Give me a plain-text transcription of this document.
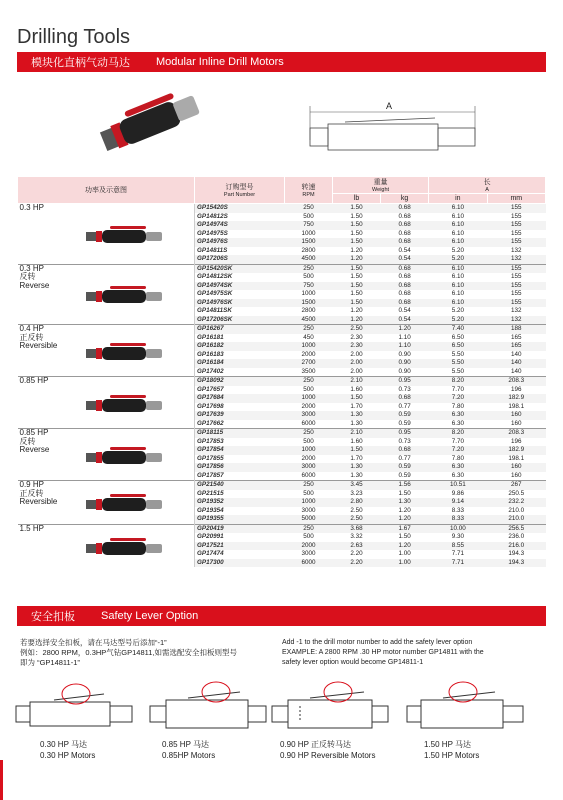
Drilling Tools
模块化直柄气动马达 Modular Inline Drill Motors
A
功率及示意图	订购型号
Part Number	转速
RPM	重量
Weight		长
A	

			lb	kg	in	mm

0.3 HP	GP15420S	250	1.50	0.68	6.10	155
	GP14812S	500	1.50	0.68	6.10	155
	GP14974S	750	1.50	0.68	6.10	155
	GP14975S	1000	1.50	0.68	6.10	155
	GP14976S	1500	1.50	0.68	6.10	155
	GP14811S	2800	1.20	0.54	5.20	132
	GP17206S	4500	1.20	0.54	5.20	132

0.3 HP
反转
Reverse	GP15420SK	250	1.50	0.68	6.10	155
	GP14812SK	500	1.50	0.68	6.10	155
	GP14974SK	750	1.50	0.68	6.10	155
	GP14975SK	1000	1.50	0.68	6.10	155
	GP14976SK	1500	1.50	0.68	6.10	155
	GP14811SK	2800	1.20	0.54	5.20	132
	GP17206SK	4500	1.20	0.54	5.20	132

0.4 HP
正反转
Reversible	GP16267	250	2.50	1.20	7.40	188
	GP16181	450	2.30	1.10	6.50	165
	GP16182	1000	2.30	1.10	6.50	165
	GP16183	2000	2.00	0.90	5.50	140
	GP16184	2700	2.00	0.90	5.50	140
	GP17402	3500	2.00	0.90	5.50	140

0.85 HP	GP18092	250	2.10	0.95	8.20	208.3
	GP17657	500	1.60	0.73	7.70	196
	GP17684	1000	1.50	0.68	7.20	182.9
	GP17698	2000	1.70	0.77	7.80	198.1
	GP17639	3000	1.30	0.59	6.30	160
	GP17662	6000	1.30	0.59	6.30	160

0.85 HP
反转
Reverse	GP18115	250	2.10	0.95	8.20	208.3
	GP17853	500	1.60	0.73	7.70	196
	GP17854	1000	1.50	0.68	7.20	182.9
	GP17855	2000	1.70	0.77	7.80	198.1
	GP17856	3000	1.30	0.59	6.30	160
	GP17857	6000	1.30	0.59	6.30	160

0.9 HP
正反转
Reversible	GP21540	250	3.45	1.56	10.51	267
	GP21515	500	3.23	1.50	9.86	250.5
	GP19352	1000	2.80	1.30	9.14	232.2
	GP19354	3000	2.50	1.20	8.33	210.0
	GP19355	5000	2.50	1.20	8.33	210.0

1.5 HP	GP20419	250	3.68	1.67	10.00	256.5
	GP20991	500	3.32	1.50	9.30	236.0
	GP17521	2000	2.63	1.20	8.55	216.0
	GP17474	3000	2.20	1.00	7.71	194.3
	GP17300	6000	2.20	1.00	7.71	194.3
安全扣板 Safety Lever Option
若要选择安全扣板，请在马达型号后添加“-1”
例如：2800 RPM，0.3HP气钻GP14811,如需选配安全扣板则型号
即为 “GP14811-1”
Add -1 to the drill motor number to add the safety lever option
EXAMPLE: A 2800 RPM .30 HP motor number GP14811 with the
safety lever option would become GP14811-1
0.30 HP 马达
0.30 HP Motors
0.85 HP 马达
0.85HP Motors
0.90 HP 正反转马达
0.90 HP Reversible Motors
1.50 HP 马达
1.50 HP Motors
